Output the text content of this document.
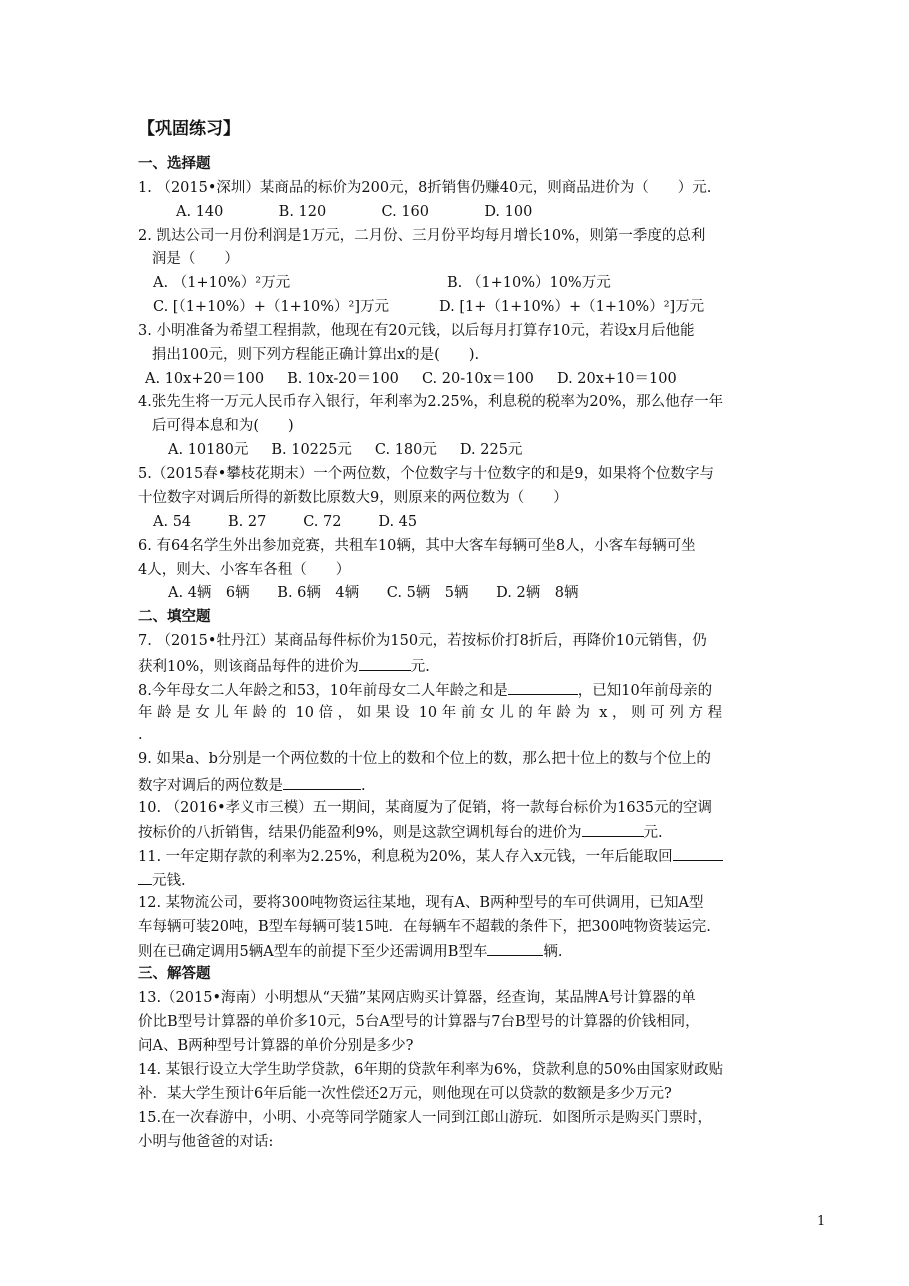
【巩固练习】

一、选择题

1. （2015•深圳）某商品的标价为200元，8折销售仍赚40元，则商品进价为（　　）元.

A. 140            B. 120            C. 160            D. 100

2. 凯达公司一月份利润是1万元，二月份、三月份平均每月增长10%，则第一季度的总利

润是（　　）

A. （1+10%）²万元	B. （1+10%）10%万元

C. [（1+10%）+（1+10%）²]万元	D. [1+（1+10%）+（1+10%）²]万元

3. 小明准备为希望工程捐款，他现在有20元钱，以后每月打算存10元，若设x月后他能

捐出100元，则下列方程能正确计算出x的是(　　).

A. 10x+20＝100     B. 10x-20＝100     C. 20-10x＝100     D. 20x+10＝100

4.张先生将一万元人民币存入银行，年利率为2.25%，利息税的税率为20%，那么他存一年

后可得本息和为(　　)

A. 10180元     B. 10225元     C. 180元     D. 225元

5.（2015春•攀枝花期末）一个两位数，个位数字与十位数字的和是9，如果将个位数字与

十位数字对调后所得的新数比原数大9，则原来的两位数为（　　）

A. 54        B. 27        C. 72        D. 45

6. 有64名学生外出参加竞赛，共租车10辆，其中大客车每辆可坐8人，小客车每辆可坐

4人，则大、小客车各租（　　）

A. 4辆　6辆      B. 6辆　4辆      C. 5辆　5辆      D. 2辆　8辆

二、填空题

7. （2015•牡丹江）某商品每件标价为150元，若按标价打8折后，再降价10元销售，仍

获利10%，则该商品每件的进价为	元.

8.今年母女二人年龄之和53，10年前母女二人年龄之和是	，已知10年前母亲的

年 龄 是 女 儿 年 龄 的  10 倍 ， 如 果 设  10 年 前 女 儿 的 年 龄 为  x ， 则 可 列 方 程

.

9. 如果a、b分别是一个两位数的十位上的数和个位上的数，那么把十位上的数与个位上的

数字对调后的两位数是	.

10. （2016•孝义市三模）五一期间，某商厦为了促销，将一款每台标价为1635元的空调

按标价的八折销售，结果仍能盈利9%，则是这款空调机每台的进价为	元.

11. 一年定期存款的利率为2.25%，利息税为20%，某人存入x元钱，一年后能取回

元钱.

12. 某物流公司，要将300吨物资运往某地，现有A、B两种型号的车可供调用，已知A型

车每辆可装20吨，B型车每辆可装15吨．在每辆车不超载的条件下，把300吨物资装运完.

则在已确定调用5辆A型车的前提下至少还需调用B型车	辆.

三、解答题

13.（2015•海南）小明想从“天猫”某网店购买计算器，经查询，某品牌A号计算器的单

价比B型号计算器的单价多10元，5台A型号的计算器与7台B型号的计算器的价钱相同，

问A、B两种型号计算器的单价分别是多少?

14. 某银行设立大学生助学贷款，6年期的贷款年利率为6%，贷款利息的50%由国家财政贴

补．某大学生预计6年后能一次性偿还2万元，则他现在可以贷款的数额是多少万元?

15.在一次春游中，小明、小亮等同学随家人一同到江郎山游玩．如图所示是购买门票时，

小明与他爸爸的对话:

1
